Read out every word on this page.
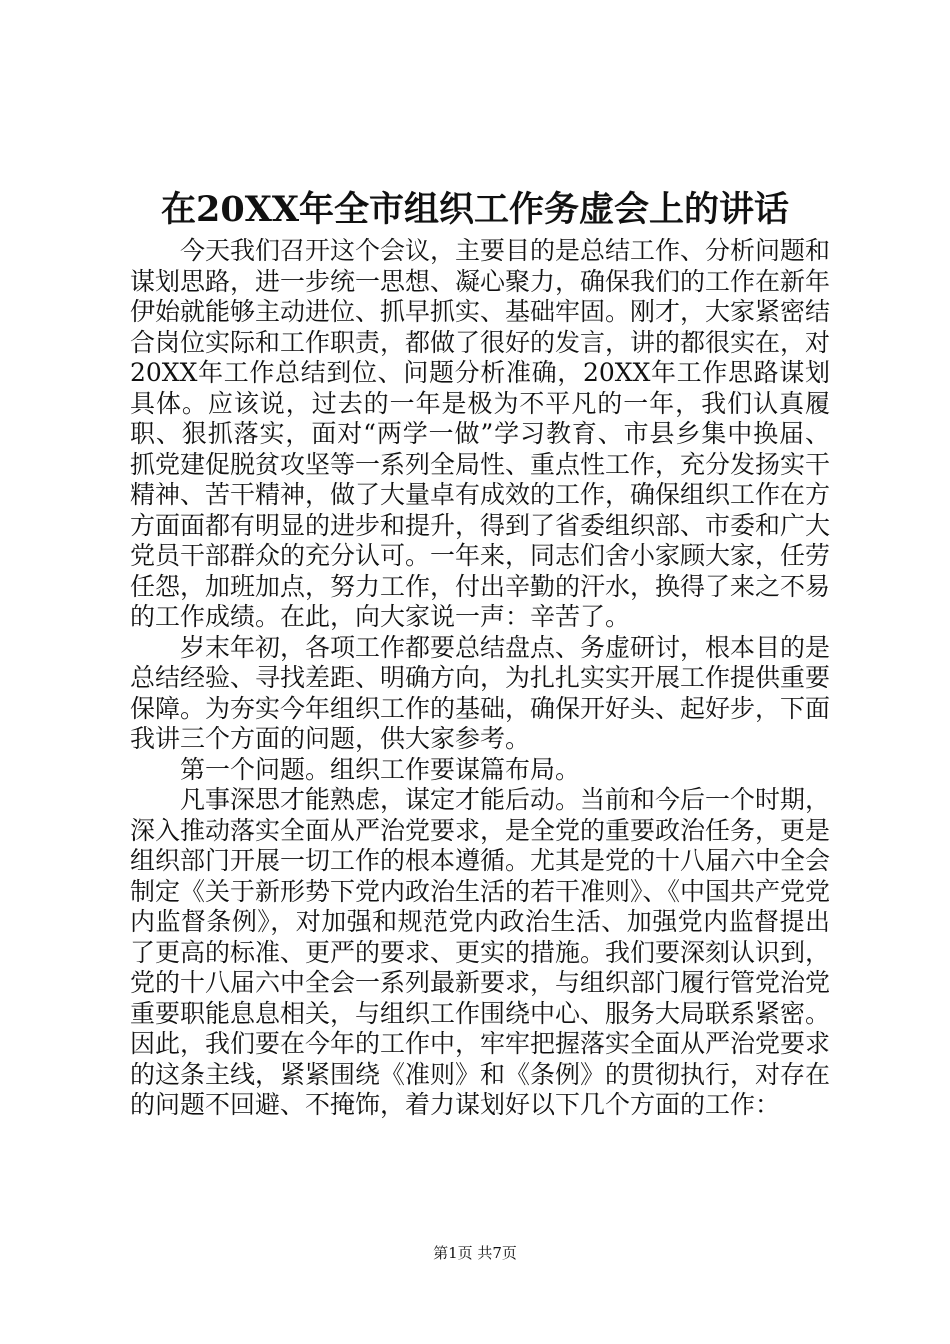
在20XX年全市组织工作务虚会上的讲话

今天我们召开这个会议，主要目的是总结工作、分析问题和谋划思路，进一步统一思想、凝心聚力，确保我们的工作在新年伊始就能够主动进位、抓早抓实、基础牢固。刚才，大家紧密结合岗位实际和工作职责，都做了很好的发言，讲的都很实在，对20XX年工作总结到位、问题分析准确，20XX年工作思路谋划具体。应该说，过去的一年是极为不平凡的一年，我们认真履职、狠抓落实，面对“两学一做”学习教育、市县乡集中换届、抓党建促脱贫攻坚等一系列全局性、重点性工作，充分发扬实干精神、苦干精神，做了大量卓有成效的工作，确保组织工作在方方面面都有明显的进步和提升，得到了省委组织部、市委和广大党员干部群众的充分认可。一年来，同志们舍小家顾大家，任劳任怨，加班加点，努力工作，付出辛勤的汗水，换得了来之不易的工作成绩。在此，向大家说一声：辛苦了。

岁末年初，各项工作都要总结盘点、务虚研讨，根本目的是总结经验、寻找差距、明确方向，为扎扎实实开展工作提供重要保障。为夯实今年组织工作的基础，确保开好头、起好步，下面我讲三个方面的问题，供大家参考。

第一个问题。组织工作要谋篇布局。

凡事深思才能熟虑，谋定才能后动。当前和今后一个时期，深入推动落实全面从严治党要求，是全党的重要政治任务，更是组织部门开展一切工作的根本遵循。尤其是党的十八届六中全会制定《关于新形势下党内政治生活的若干准则》、《中国共产党党内监督条例》，对加强和规范党内政治生活、加强党内监督提出了更高的标准、更严的要求、更实的措施。我们要深刻认识到，党的十八届六中全会一系列最新要求，与组织部门履行管党治党重要职能息息相关，与组织工作围绕中心、服务大局联系紧密。因此，我们要在今年的工作中，牢牢把握落实全面从严治党要求的这条主线，紧紧围绕《准则》和《条例》的贯彻执行，对存在的问题不回避、不掩饰，着力谋划好以下几个方面的工作：

第1页 共7页
